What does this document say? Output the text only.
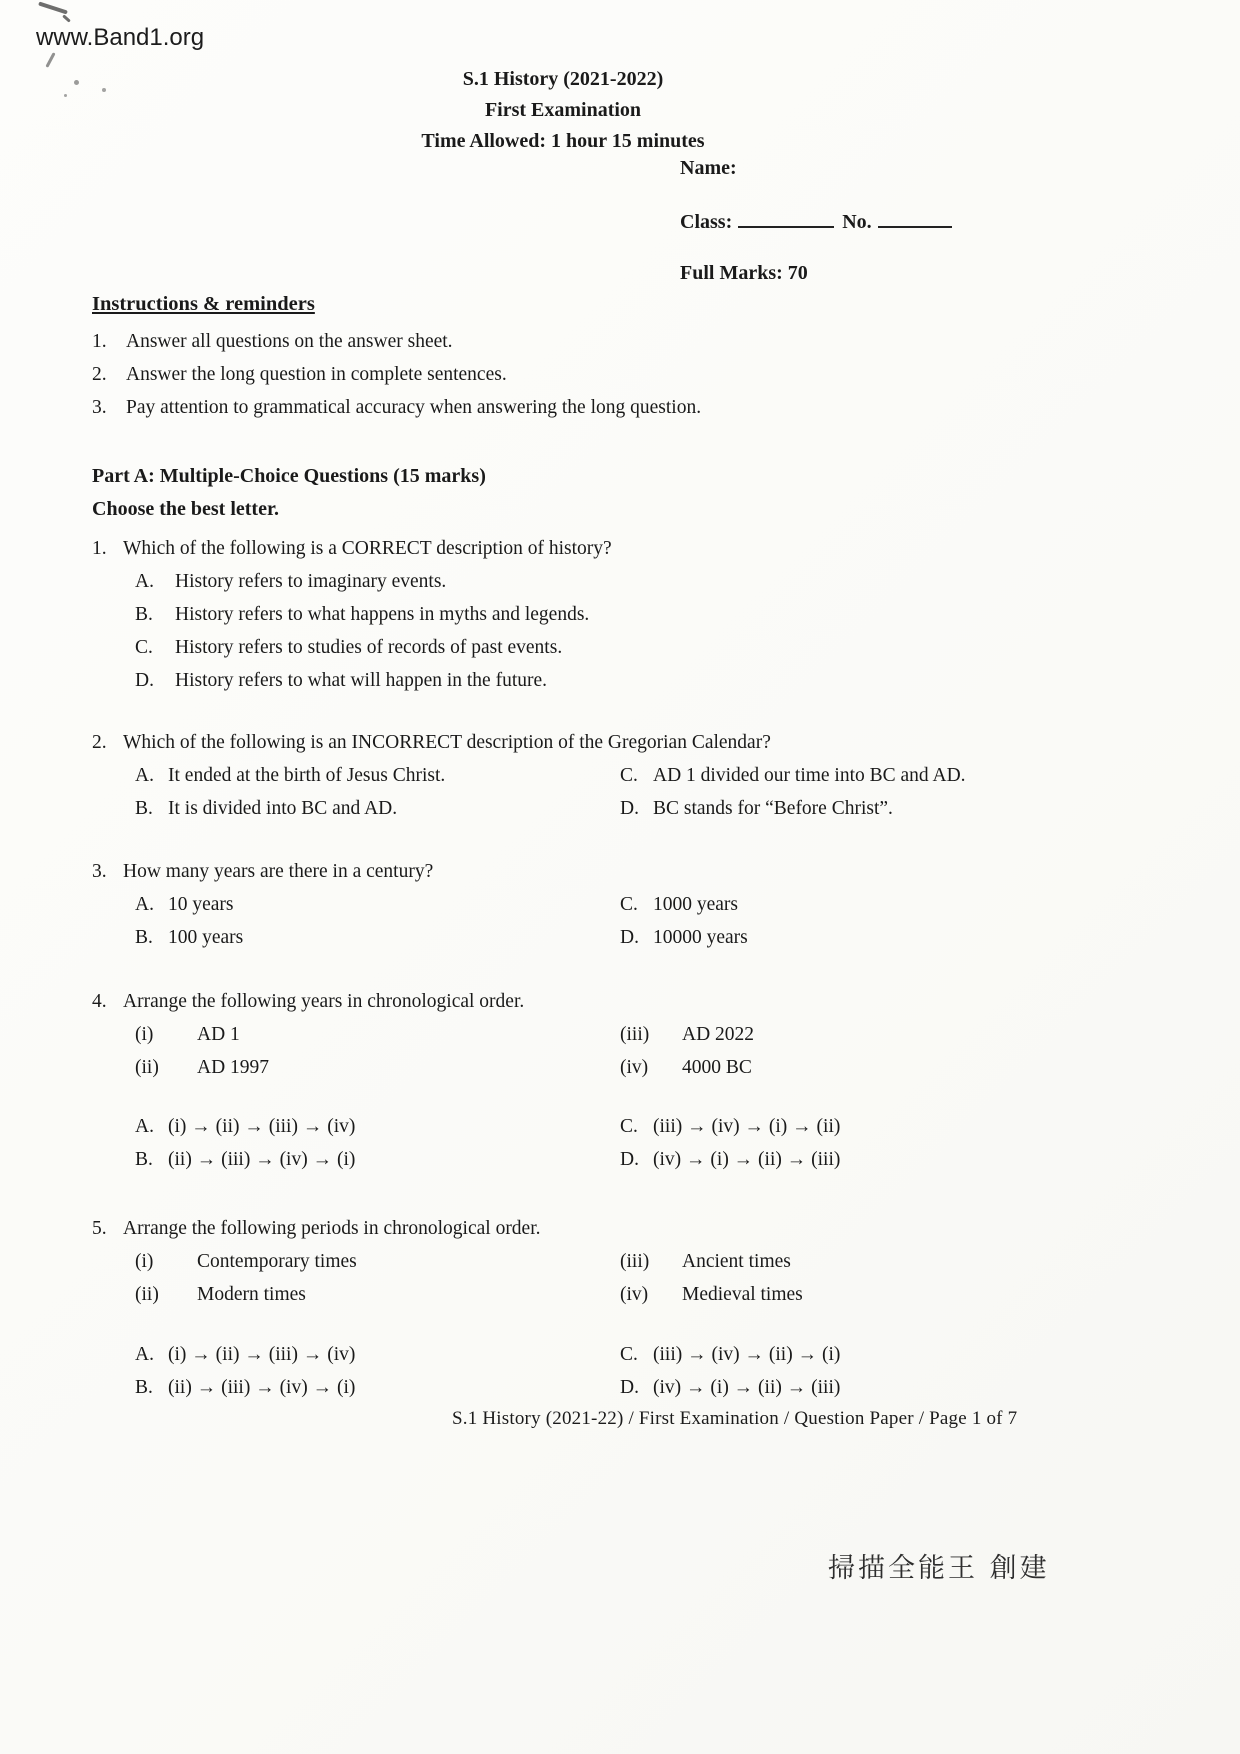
www.Band1.org
S.1 History (2021-2022)
First Examination
Time Allowed: 1 hour 15 minutes
Name:
Class:	No.
Full Marks: 70
Instructions & reminders
1. Answer all questions on the answer sheet.
2. Answer the long question in complete sentences.
3. Pay attention to grammatical accuracy when answering the long question.
Part A: Multiple-Choice Questions (15 marks)
Choose the best letter.
1. Which of the following is a CORRECT description of history?
A.	History refers to imaginary events.
B.	History refers to what happens in myths and legends.
C.	History refers to studies of records of past events.
D.	History refers to what will happen in the future.
2. Which of the following is an INCORRECT description of the Gregorian Calendar?
A. It ended at the birth of Jesus Christ.	C. AD 1 divided our time into BC and AD.
B. It is divided into BC and AD.	D. BC stands for “Before Christ”.
3. How many years are there in a century?
A. 10 years	C. 1000 years
B. 100 years	D. 10000 years
4. Arrange the following years in chronological order.
(i)	AD 1	(iii)	AD 2022
(ii)	AD 1997	(iv)	4000 BC
A. (i) → (ii) → (iii) → (iv)	C. (iii) → (iv) → (i) → (ii)
B. (ii) → (iii) → (iv) → (i)	D. (iv) → (i) → (ii) → (iii)
5. Arrange the following periods in chronological order.
(i)	Contemporary times	(iii)	Ancient times
(ii)	Modern times	(iv)	Medieval times
A. (i) → (ii) → (iii) → (iv)	C. (iii) → (iv) → (ii) → (i)
B. (ii) → (iii) → (iv) → (i)	D. (iv) → (i) → (ii) → (iii)
S.1 History (2021-22) / First Examination / Question Paper / Page 1 of 7
掃描全能王 創建
